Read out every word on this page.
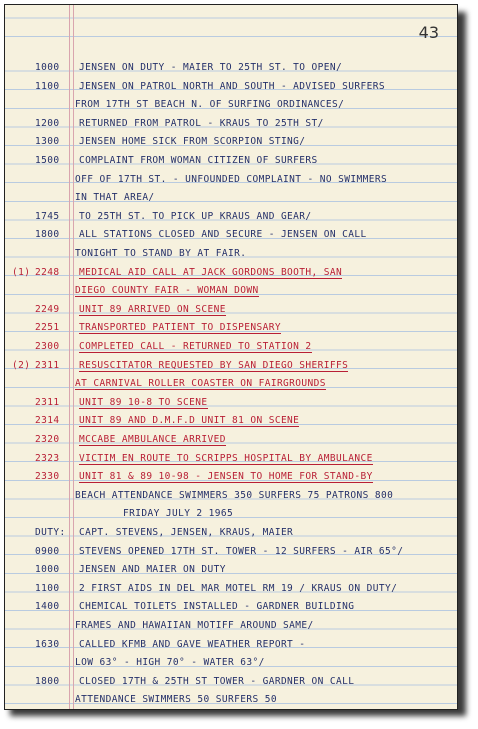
43
1000	JENSEN ON DUTY - MAIER TO 25TH ST. TO OPEN/
1100	JENSEN ON PATROL NORTH AND SOUTH - ADVISED SURFERS
FROM 17TH ST BEACH N. OF SURFING ORDINANCES/
1200	RETURNED FROM PATROL - KRAUS TO 25TH ST/
1300	JENSEN HOME SICK FROM SCORPION STING/
1500	COMPLAINT FROM WOMAN CITIZEN OF SURFERS
OFF OF 17TH ST. - UNFOUNDED COMPLAINT - NO SWIMMERS
IN THAT AREA/
1745	TO 25TH ST. TO PICK UP KRAUS AND GEAR/
1800	ALL STATIONS CLOSED AND SECURE - JENSEN ON CALL
TONIGHT TO STAND BY AT FAIR.
(1) 2248	MEDICAL AID CALL AT JACK GORDONS BOOTH, SAN
DIEGO COUNTY FAIR - WOMAN DOWN
2249	UNIT 89 ARRIVED ON SCENE
2251	TRANSPORTED PATIENT TO DISPENSARY
2300	COMPLETED CALL - RETURNED TO STATION 2
(2) 2311	RESUSCITATOR REQUESTED BY SAN DIEGO SHERIFFS
AT CARNIVAL ROLLER COASTER ON FAIRGROUNDS
2311	UNIT 89 10-8 TO SCENE
2314	UNIT 89 AND D.M.F.D UNIT 81 ON SCENE
2320	MCCABE AMBULANCE ARRIVED
2323	VICTIM EN ROUTE TO SCRIPPS HOSPITAL BY AMBULANCE
2330	UNIT 81 & 89 10-98 - JENSEN TO HOME FOR STAND-BY
BEACH ATTENDANCE SWIMMERS 350 SURFERS 75 PATRONS 800
FRIDAY JULY 2 1965
DUTY:	CAPT. STEVENS, JENSEN, KRAUS, MAIER
0900	STEVENS OPENED 17TH ST. TOWER - 12 SURFERS - AIR 65°/
1000	JENSEN AND MAIER ON DUTY
1100	2 FIRST AIDS IN DEL MAR MOTEL RM 19 / KRAUS ON DUTY/
1400	CHEMICAL TOILETS INSTALLED - GARDNER BUILDING
FRAMES AND HAWAIIAN MOTIFF AROUND SAME/
1630	CALLED KFMB AND GAVE WEATHER REPORT -
LOW 63° - HIGH 70° - WATER 63°/
1800	CLOSED 17TH & 25TH ST TOWER - GARDNER ON CALL
ATTENDANCE SWIMMERS 50 SURFERS 50
